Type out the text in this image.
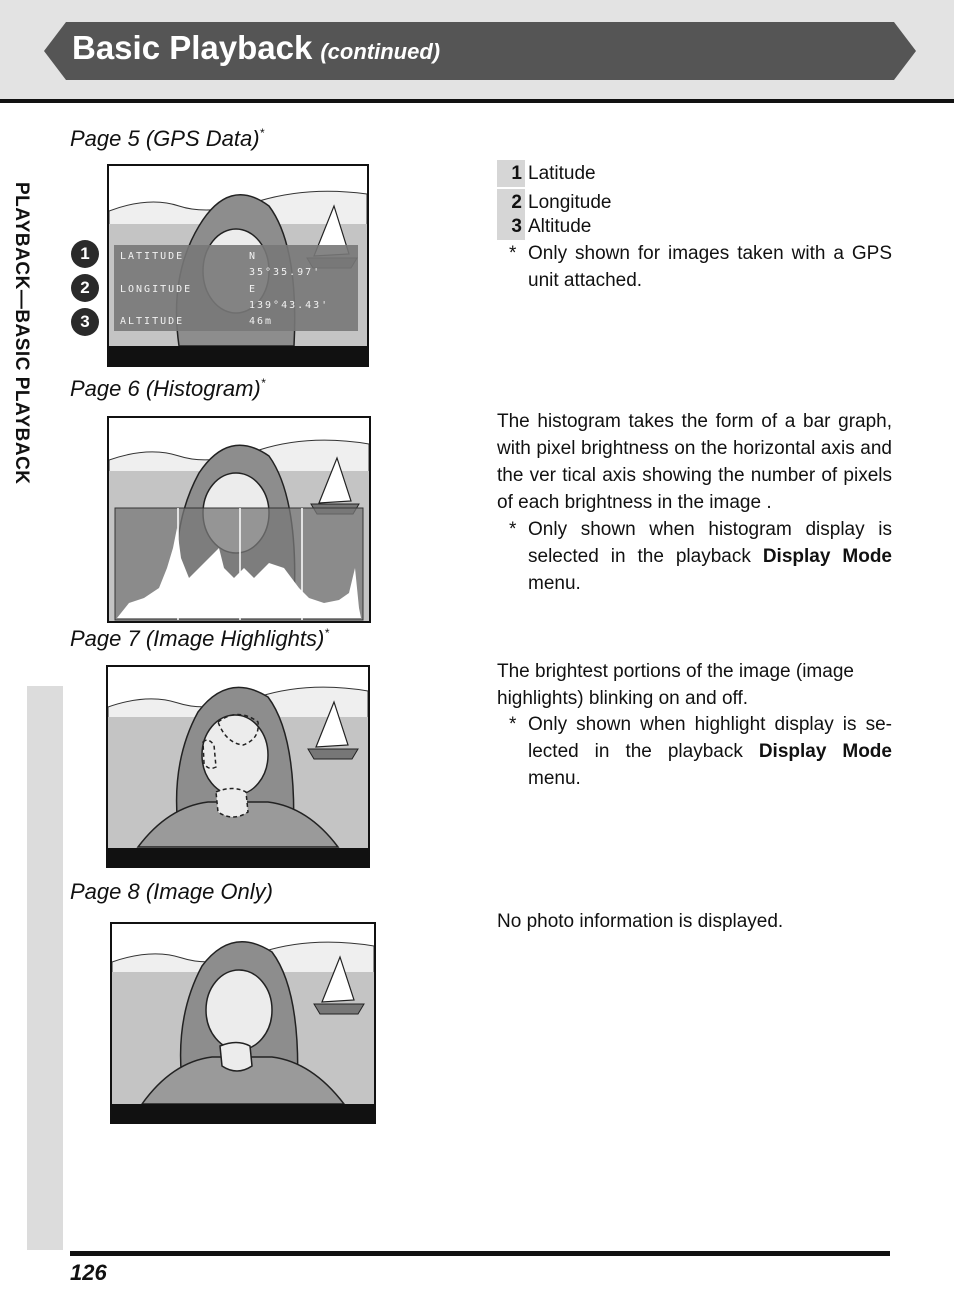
Basic Playback (continued)
PLAYBACK—BASIC PLAYBACK
Page 5 (GPS Data)*
LATITUDE	N
35°35.97'
LONGITUDE	E
139°43.43'
ALTITUDE	46m
1
2
3
1 Latitude
2 Longitude
3 Altitude
* Only shown for images taken with a GPS unit attached.
Page 6 (Histogram)*
The histogram takes the form of a bar graph, with pixel brightness on the horizontal axis and the ver tical axis showing the number of pixels of each brightness in the image .
* Only shown when histogram display is selected in the playback Display Mode menu.
Page 7 (Image Highlights)*
The brightest portions of the image (image highlights) blinking on and off.
* Only shown when highlight display is se-lected in the playback Display Mode menu.
Page 8 (Image Only)
No photo information is displayed.
126
